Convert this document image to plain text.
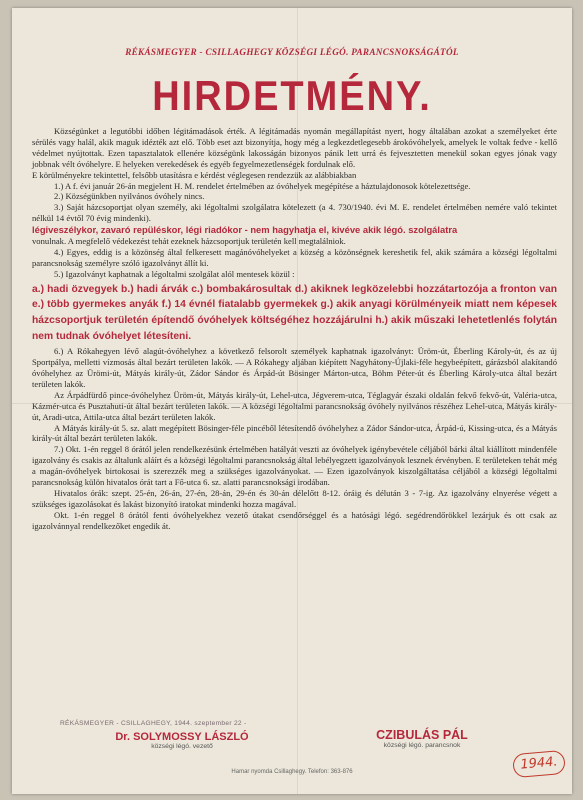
RÉKÁSMEGYER - CSILLAGHEGY KÖZSÉGI LÉGÓ. PARANCSNOKSÁGÁTÓL
HIRDETMÉNY.

Községünket a legutóbbi időben légitámadások érték. A légitámadás nyomán megállapítást nyert, hogy általában azokat a személyeket érte sérülés vagy halál, akik maguk idézték azt elő. Több eset azt bizonyítja, hogy még a legkezdetlegesebb árokóvóhelyek, amelyek le voltak fedve - kellő védelmet nyújtottak. Ezen tapasztalatok ellenére községünk lakosságán bizonyos pánik lett urrá és fejvesztetten menekül sokan egyes jónak vagy jobbnak vélt óvóhelyre. E helyeken verekedések és egyéb fegyelmezetlenségek fordulnak elő.

E körülményekre tekintettel, felsőbb utasításra e kérdést véglegesen rendezzük az alábbiakban

1.) A f. évi január 26-án megjelent H. M. rendelet értelmében az óvóhelyek megépítése a háztulajdonosok kötelezettsége.

2.) Községünkben nyilvános óvóhely nincs.

3.) Saját házcsoportjat olyan személy, aki légoltalmi szolgálatra kötelezett (a 4. 730/1940. évi M. E. rendelet értelmében nemére való tekintet nélkül 14 évtől 70 évig mindenki).

légiveszélykor, zavaró repüléskor, légi riadókor - nem hagyhatja el, kivéve akik légó. szolgálatra

vonulnak. A megfelelő védekezést tehát ezeknek házcsoportjuk területén kell megtalálniok.

4.) Egyes, eddig is a közönség által felkeresett magánóvóhelyeket a község a közönségnek kereshetik fel, akik számára a községi légoltalmi parancsnokság személyre szóló igazolványt állít ki.

5.) Igazolványt kaphatnak a légoltalmi szolgálat alól mentesek közül :

a.) hadi özvegyek b.) hadi árvák c.) bombakárosultak d.) akiknek legközelebbi hozzátartozója a fronton van e.) több gyermekes anyák f.) 14 évnél fiatalabb gyermekek g.) akik anyagi körülményeik miatt nem képesek házcsoportjuk területén építendő óvóhelyek költségéhez hozzájárulni h.) akik műszaki lehetetlenlés folytán nem tudnak óvóhelyet létesíteni.

6.) A Rókahegyen lévő alagút-óvóhelyhez a következő felsorolt személyek kaphatnak igazolványt: Üröm-út, Éberling Károly-út, és az új Sportpálya, melletti vízmosás által bezárt területen lakók. — A Rókahegy aljában kiépített Nagyhátony-Újlaki-féle hegybeépített, gárázsból alakítandó óvóhelyhez az Ürömi-út, Mátyás király-út, Zádor Sándor és Árpád-út Bösinger Márton-utca, Böhm Péter-út és Éberling Károly-utca által bezárt területen lakók.

Az Árpádfürdő pince-óvóhelyhez Üröm-út, Mátyás király-út, Lehel-utca, Jégverem-utca, Téglagyár északi oldalán fekvő fekvő-út, Valéria-utca, Kázmér-utca és Pusztahuti-út által bezárt területen lakók. — A községi légoltalmi parancsnokság óvóhely nyilvános részéhez Lehel-utca, Mátyás király-út, Aradi-utca, Attila-utca által bezárt területen lakók.

A Mátyás király-út 5. sz. alatt megépített Bösinger-féle pincéből létesítendő óvóhelyhez a Zádor Sándor-utca, Árpád-ú, Kissing-utca, és a Mátyás király-út által bezárt területen lakók.

7.) Okt. 1-én reggel 8 órától jelen rendelkezésünk értelmében hatályát veszti az óvóhelyek igénybevétele céljából bárki által kiállított mindenféle igazolvány és csakis az általunk aláírt és a községi légoltalmi parancsnokság által lebélyegzett igazolványok lesznek érvényben. E területeken tehát még a magán-óvóhelyek birtokosai is szerezzék meg a szükséges igazolványokat. — Ezen igazolványok kiszolgáltatása céljából a községi légoltalmi parancsnokság külön hivatalos órát tart a Fő-utca 6. sz. alatti parancsnoksági irodában.

Hivatalos órák: szept. 25-én, 26-án, 27-én, 28-án, 29-én és 30-án délelőtt 8-12. óráig és délután 3 - 7-ig. Az igazolvány elnyerése végett a szükséges igazolásokat és lakást bizonyító iratokat mindenki hozza magával.

Okt. 1-én reggel 8 órától fenti óvóhelyekhez vezető útakat csendőrséggel és a hatósági légó. segédrendőrökkel lezárjuk és ott csak az igazolvánnyal rendelkezőket engedik át.

RÉKÁSMEGYER - CSILLAGHEGY, 1944. szeptember 22 -
Dr. SOLYMOSSY LÁSZLÓ
községi légó. vezető
CZIBULÁS PÁL
községi légó. parancsnok
Hamar nyomda Csillaghegy. Telefon: 363-876	1944.
